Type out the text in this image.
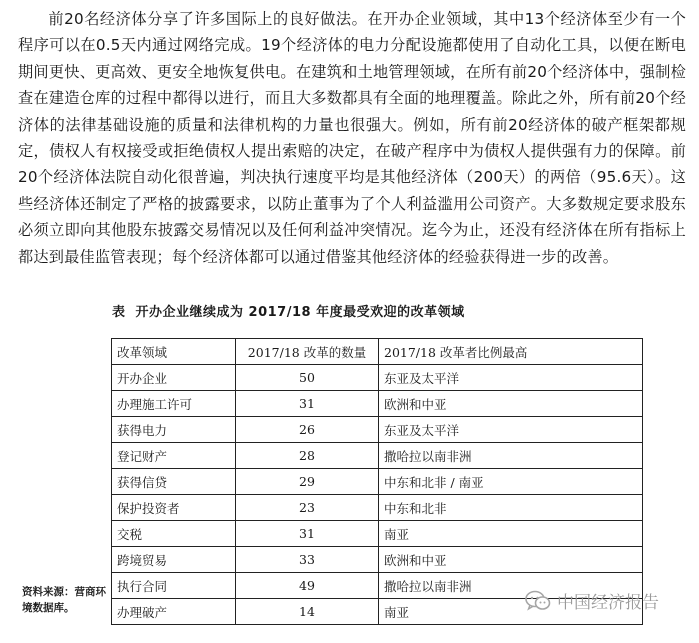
前20名经济体分享了许多国际上的良好做法。在开办企业领域，其中13个经济体至少有一个程序可以在0.5天内通过网络完成。19个经济体的电力分配设施都使用了自动化工具，以便在断电期间更快、更高效、更安全地恢复供电。在建筑和土地管理领域，在所有前20个经济体中，强制检查在建造仓库的过程中都得以进行，而且大多数都具有全面的地理覆盖。除此之外，所有前20个经济体的法律基础设施的质量和法律机构的力量也很强大。例如，所有前20经济体的破产框架都规定，债权人有权接受或拒绝债权人提出索赔的决定，在破产程序中为债权人提供强有力的保障。前20个经济体法院自动化很普遍，判决执行速度平均是其他经济体（200天）的两倍（95.6天）。这些经济体还制定了严格的披露要求，以防止董事为了个人利益滥用公司资产。大多数规定要求股东必须立即向其他股东披露交易情况以及任何利益冲突情况。迄今为止，还没有经济体在所有指标上都达到最佳监管表现；每个经济体都可以通过借鉴其他经济体的经验获得进一步的改善。

表 开办企业继续成为 2017/18 年度最受欢迎的改革领域
改革领域	2017/18 改革的数量	2017/18 改革者比例最高
开办企业	50	东亚及太平洋
办理施工许可	31	欧洲和中亚
获得电力	26	东亚及太平洋
登记财产	28	撒哈拉以南非洲
获得信贷	29	中东和北非 / 南亚
保护投资者	23	中东和北非
交税	31	南亚
跨境贸易	33	欧洲和中亚
执行合同	49	撒哈拉以南非洲
办理破产	14	南亚
资料来源：营商环境数据库。	中国经济报告
